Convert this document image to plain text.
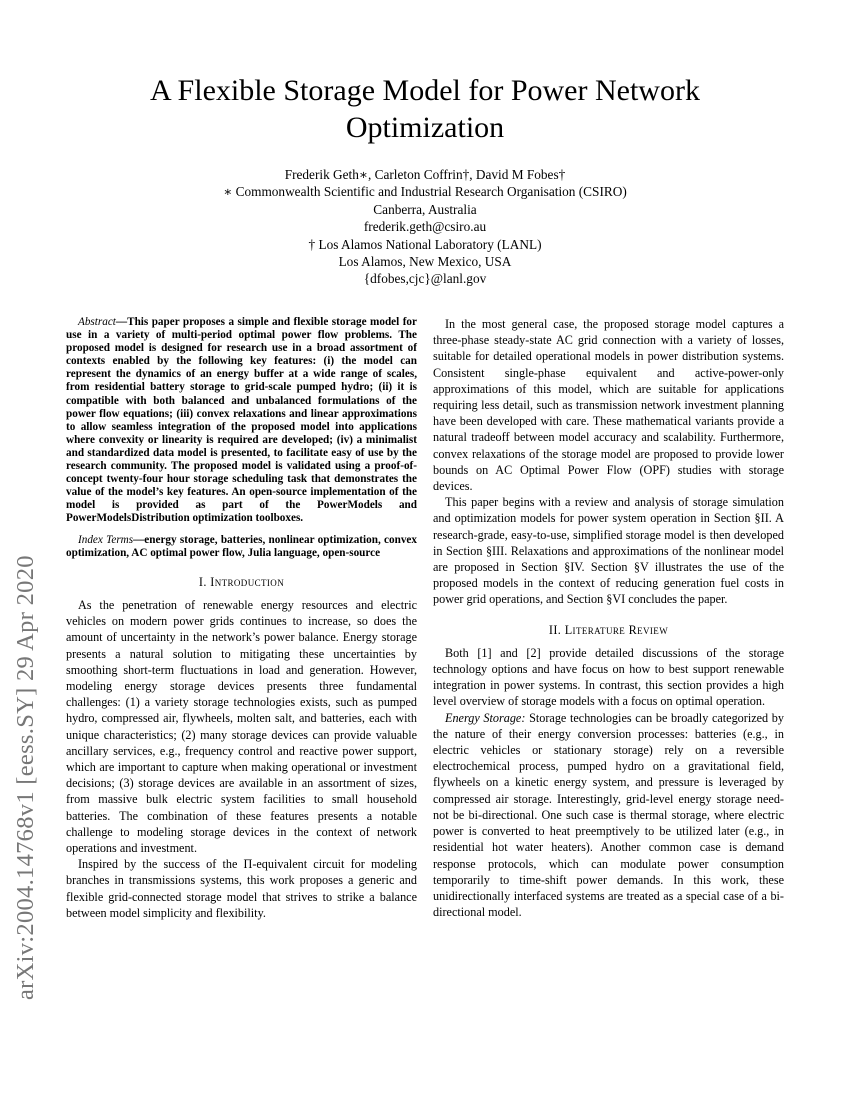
A Flexible Storage Model for Power Network Optimization
Frederik Geth∗, Carleton Coffrin†, David M Fobes†
∗ Commonwealth Scientific and Industrial Research Organisation (CSIRO)
Canberra, Australia
frederik.geth@csiro.au
† Los Alamos National Laboratory (LANL)
Los Alamos, New Mexico, USA
{dfobes,cjc}@lanl.gov
arXiv:2004.14768v1 [eess.SY] 29 Apr 2020

Abstract—This paper proposes a simple and flexible storage model for use in a variety of multi-period optimal power flow problems. The proposed model is designed for research use in a broad assortment of contexts enabled by the following key features: (i) the model can represent the dynamics of an energy buffer at a wide range of scales, from residential battery storage to grid-scale pumped hydro; (ii) it is compatible with both balanced and unbalanced formulations of the power flow equations; (iii) convex relaxations and linear approximations to allow seamless integration of the proposed model into applications where convexity or linearity is required are developed; (iv) a minimalist and standardized data model is presented, to facilitate easy of use by the research community. The proposed model is validated using a proof-of-concept twenty-four hour storage scheduling task that demonstrates the value of the model’s key features. An open-source implementation of the model is provided as part of the PowerModels and PowerModelsDistribution optimization toolboxes.

Index Terms—energy storage, batteries, nonlinear optimization, convex optimization, AC optimal power flow, Julia language, open-source

I. Introduction

As the penetration of renewable energy resources and electric vehicles on modern power grids continues to increase, so does the amount of uncertainty in the network’s power balance. Energy storage presents a natural solution to mitigating these uncertainties by smoothing short-term fluctuations in load and generation. However, modeling energy storage devices presents three fundamental challenges: (1) a variety storage technologies exists, such as pumped hydro, compressed air, flywheels, molten salt, and batteries, each with unique characteristics; (2) many storage devices can provide valuable ancillary services, e.g., frequency control and reactive power support, which are important to capture when making operational or investment decisions; (3) storage devices are available in an assortment of sizes, from massive bulk electric system facilities to small household batteries. The combination of these features presents a notable challenge to modeling storage devices in the context of network operations and investment.

Inspired by the success of the Π-equivalent circuit for modeling branches in transmissions systems, this work proposes a generic and flexible grid-connected storage model that strives to strike a balance between model simplicity and flexibility.

In the most general case, the proposed storage model captures a three-phase steady-state AC grid connection with a variety of losses, suitable for detailed operational models in power distribution systems. Consistent single-phase equivalent and active-power-only approximations of this model, which are suitable for applications requiring less detail, such as transmission network investment planning have been developed with care. These mathematical variants provide a natural tradeoff between model accuracy and scalability. Furthermore, convex relaxations of the storage model are proposed to provide lower bounds on AC Optimal Power Flow (OPF) studies with storage devices.

This paper begins with a review and analysis of storage simulation and optimization models for power system operation in Section §II. A research-grade, easy-to-use, simplified storage model is then developed in Section §III. Relaxations and approximations of the nonlinear model are proposed in Section §IV. Section §V illustrates the use of the proposed models in the context of reducing generation fuel costs in power grid operations, and Section §VI concludes the paper.

II. Literature Review

Both [1] and [2] provide detailed discussions of the storage technology options and have focus on how to best support renewable integration in power systems. In contrast, this section provides a high level overview of storage models with a focus on optimal operation.

Energy Storage: Storage technologies can be broadly categorized by the nature of their energy conversion processes: batteries (e.g., in electric vehicles or stationary storage) rely on a reversible electrochemical process, pumped hydro on a gravitational field, flywheels on a kinetic energy system, and pressure is leveraged by compressed air storage. Interestingly, grid-level energy storage need-not be bi-directional. One such case is thermal storage, where electric power is converted to heat preemptively to be utilized later (e.g., in residential hot water heaters). Another common case is demand response protocols, which can modulate power consumption temporarily to time-shift power demands. In this work, these unidirectionally interfaced systems are treated as a special case of a bi-directional model.
